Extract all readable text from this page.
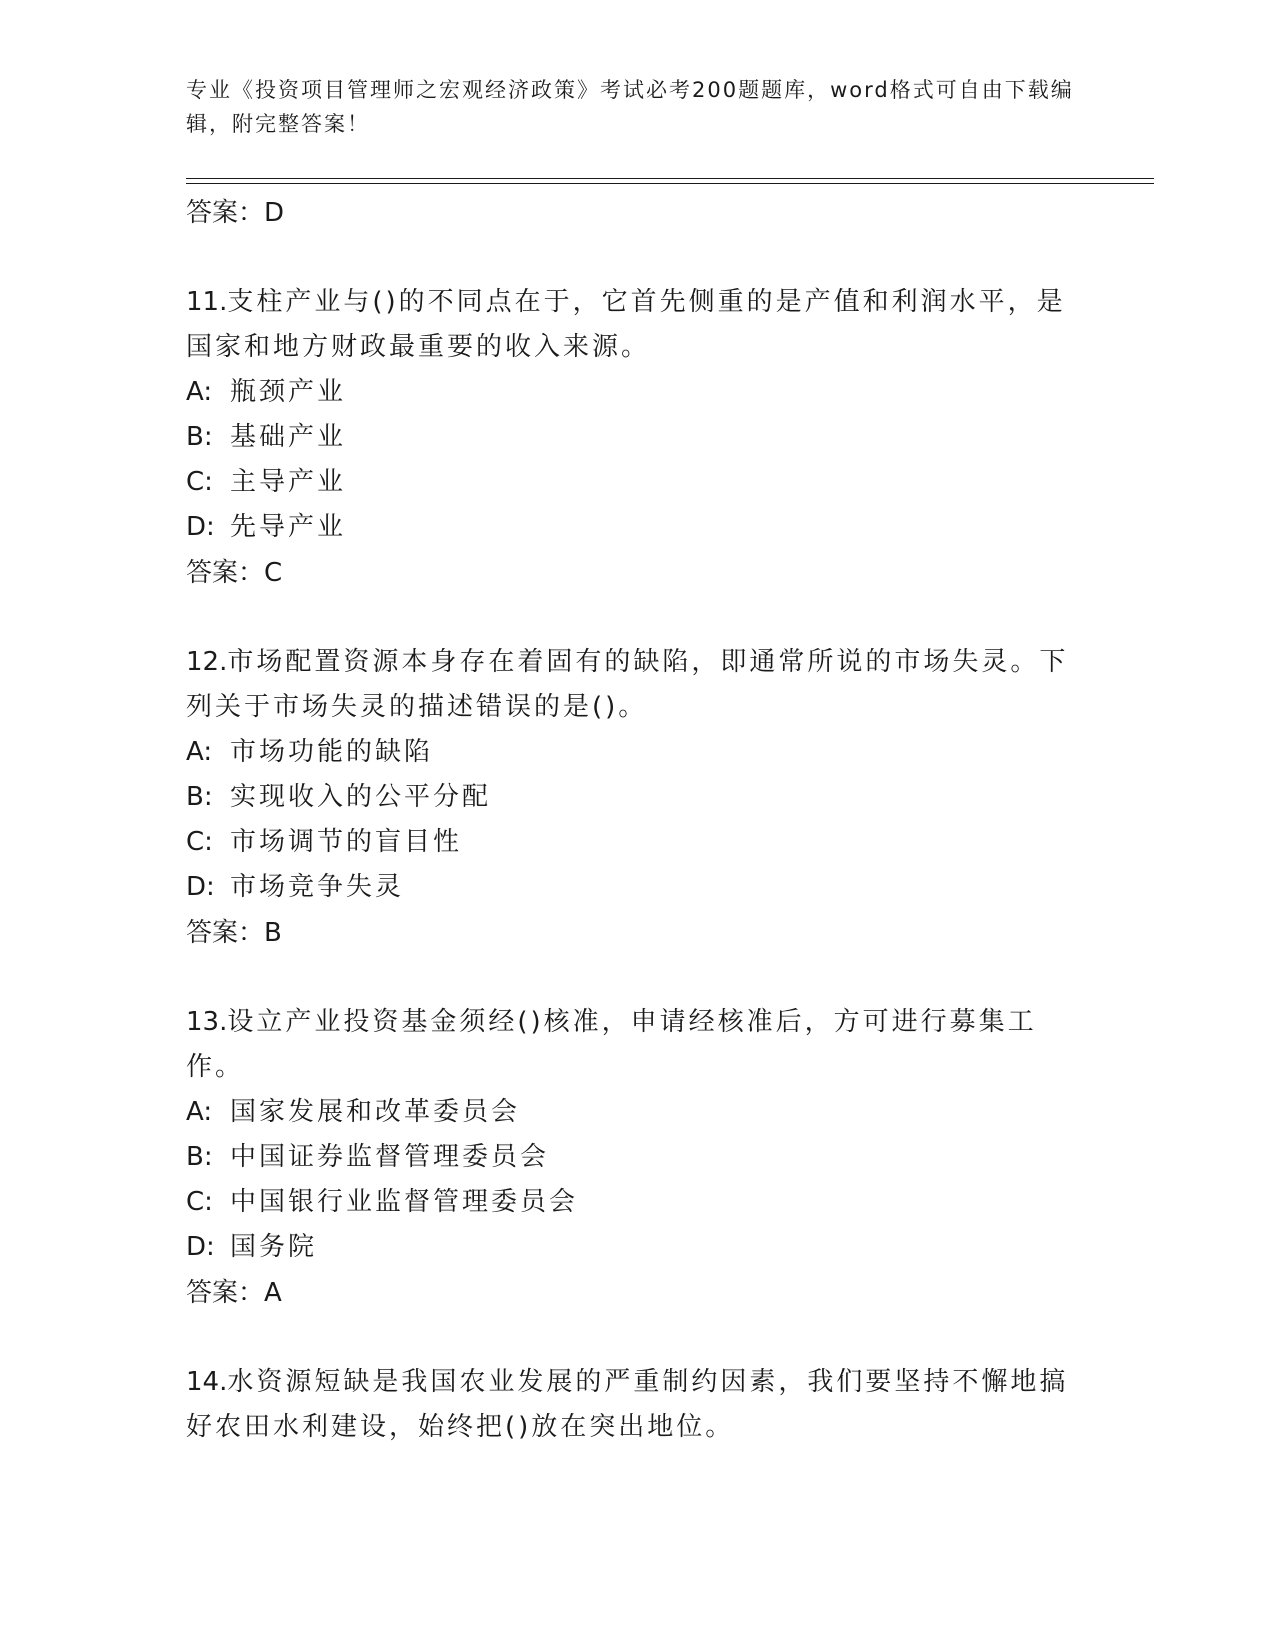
专业《投资项目管理师之宏观经济政策》考试必考200题题库，word格式可自由下载编辑，附完整答案！
答案：D
11.支柱产业与()的不同点在于，它首先侧重的是产值和利润水平，是国家和地方财政最重要的收入来源。
A: 瓶颈产业
B: 基础产业
C: 主导产业
D: 先导产业
答案：C
12.市场配置资源本身存在着固有的缺陷，即通常所说的市场失灵。下列关于市场失灵的描述错误的是()。
A: 市场功能的缺陷
B: 实现收入的公平分配
C: 市场调节的盲目性
D: 市场竞争失灵
答案：B
13.设立产业投资基金须经()核准，申请经核准后，方可进行募集工作。
A: 国家发展和改革委员会
B: 中国证券监督管理委员会
C: 中国银行业监督管理委员会
D: 国务院
答案：A
14.水资源短缺是我国农业发展的严重制约因素，我们要坚持不懈地搞好农田水利建设，始终把()放在突出地位。
